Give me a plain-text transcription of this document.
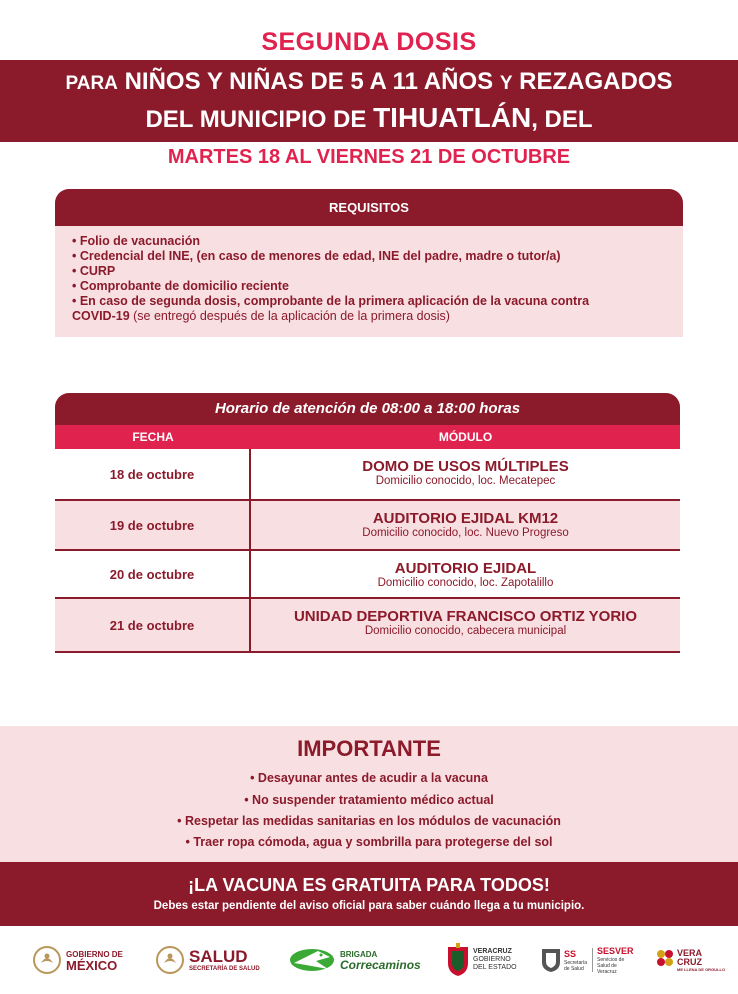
SEGUNDA DOSIS
PARA NIÑOS Y NIÑAS DE 5 A 11 AÑOS Y REZAGADOS
DEL MUNICIPIO DE TIHUATLÁN, DEL
MARTES 18 AL VIERNES 21 DE OCTUBRE
REQUISITOS
• Folio de vacunación
• Credencial del INE, (en caso de menores de edad, INE del padre, madre o tutor/a)
• CURP
• Comprobante de domicilio reciente
• En caso de segunda dosis, comprobante de la primera aplicación de la vacuna contra
COVID-19 (se entregó después de la aplicación de la primera dosis)
Horario de atención de 08:00 a 18:00 horas
FECHA	MÓDULO
18 de octubre	DOMO DE USOS MÚLTIPLES
Domicilio conocido, loc. Mecatepec
19 de octubre	AUDITORIO EJIDAL KM12
Domicilio conocido, loc. Nuevo Progreso
20 de octubre	AUDITORIO EJIDAL
Domicilio conocido, loc. Zapotalillo
21 de octubre	UNIDAD DEPORTIVA FRANCISCO ORTIZ YORIO
Domicilio conocido, cabecera municipal
IMPORTANTE
• Desayunar antes de acudir a la vacuna
• No suspender tratamiento médico actual
• Respetar las medidas sanitarias en los módulos de vacunación
• Traer ropa cómoda, agua y sombrilla para protegerse del sol
¡LA VACUNA ES GRATUITA PARA TODOS!
Debes estar pendiente del aviso oficial para saber cuándo llega a tu municipio.
GOBIERNO DE
MÉXICO	SALUD
SECRETARÍA DE SALUD
BRIGADA
Correcaminos
VERACRUZ
GOBIERNO
DEL ESTADO
SS
Secretaría de Salud
SESVER
Servicios de Salud de Veracruz
VERA
CRUZ
ME LLENA DE ORGULLO
